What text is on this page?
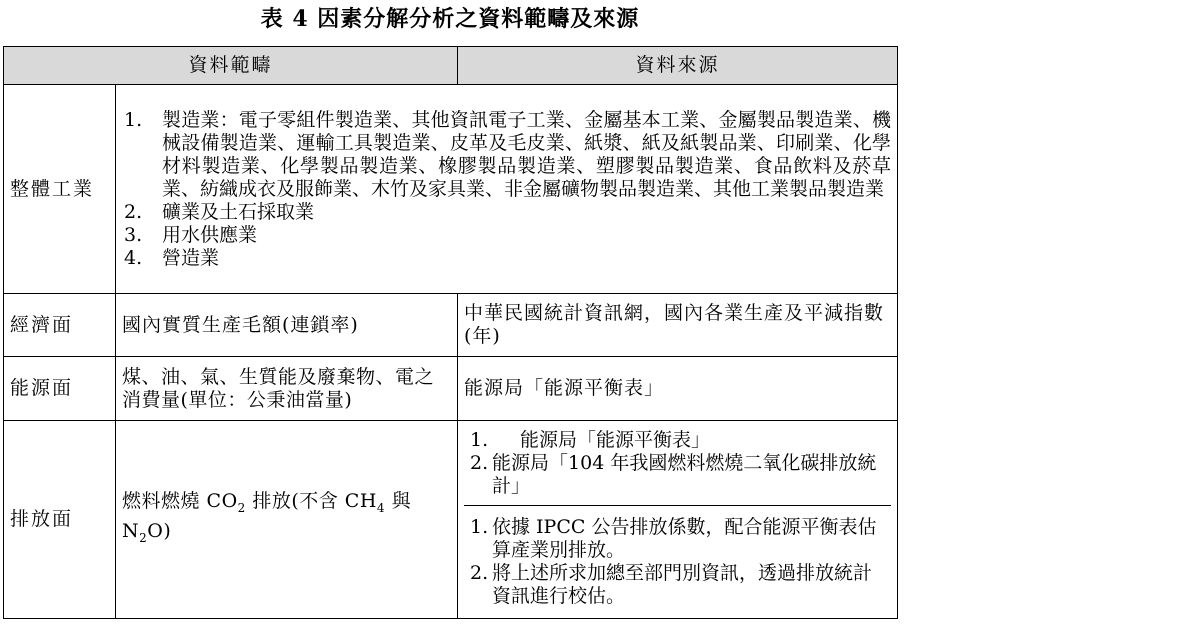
表 4 因素分解分析之資料範疇及來源
資料範疇	資料來源
整體工業	
1.	製造業：電子零組件製造業、其他資訊電子工業、金屬基本工業、金屬製品製造業、機械設備製造業、運輸工具製造業、皮革及毛皮業、紙漿、紙及紙製品業、印刷業、化學材料製造業、化學製品製造業、橡膠製品製造業、塑膠製品製造業、食品飲料及菸草業、紡織成衣及服飾業、木竹及家具業、非金屬礦物製品製造業、其他工業製品製造業
2.	礦業及土石採取業
3.	用水供應業
4.	營造業

經濟面	國內實質生產毛額(連鎖率)	中華民國統計資訊網，國內各業生產及平減指數(年)
能源面	煤、油、氣、生質能及廢棄物、電之消費量(單位：公秉油當量)	能源局「能源平衡表」
排放面	燃料燃燒 $CO_2$ 排放(不含 $CH_4$ 與 $N_2O$)	
1.	能源局「能源平衡表」
2. 能源局「104 年我國燃料燃燒二氧化碳排放統計」

1. 依據 IPCC 公告排放係數，配合能源平衡表估算產業別排放。
2. 將上述所求加總至部門別資訊，透過排放統計資訊進行校估。
